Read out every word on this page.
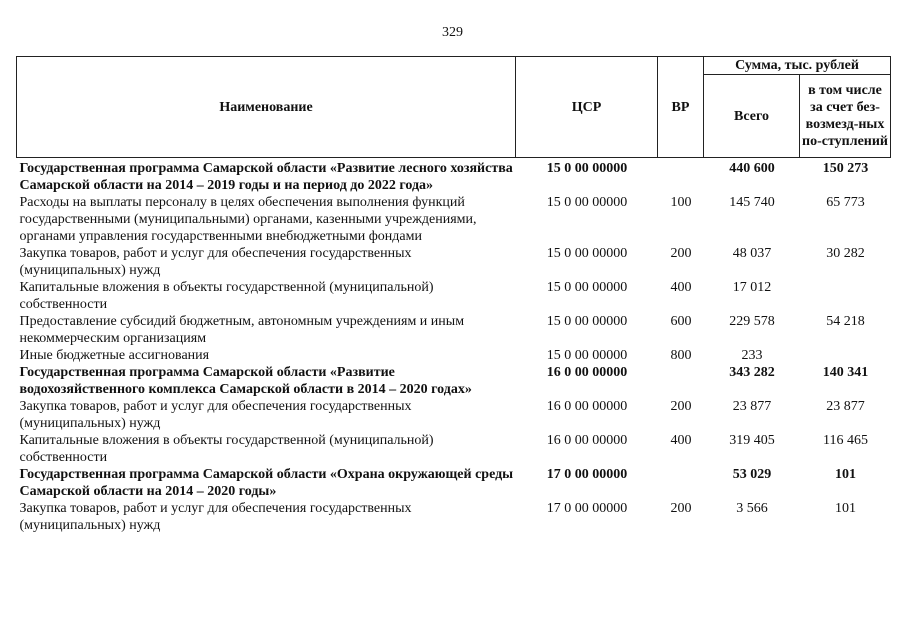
329
Наименование	ЦСР	ВР	Сумма, тыс. рублей	
			Всего	в том числе за счет без-возмезд-ных по-ступлений
Государственная программа Самарской области «Развитие лесного хозяйства Самарской области на 2014 – 2019 годы и на период до 2022 года»	15 0 00 00000		440 600	150 273
Расходы на выплаты персоналу в целях обеспечения выполнения функций государственными (муниципальными) органами, казенными учреждениями, органами управления государственными внебюджетными фондами	15 0 00 00000	100	145 740	65 773
Закупка товаров, работ и услуг для обеспечения государственных (муниципальных) нужд	15 0 00 00000	200	48 037	30 282
Капитальные вложения в объекты государственной (муниципальной) собственности	15 0 00 00000	400	17 012	
Предоставление субсидий бюджетным, автономным учреждениям и иным некоммерческим организациям	15 0 00 00000	600	229 578	54 218
Иные бюджетные ассигнования	15 0 00 00000	800	233	
Государственная программа Самарской области «Развитие водохозяйственного комплекса Самарской области в 2014 – 2020 годах»	16 0 00 00000		343 282	140 341
Закупка товаров, работ и услуг для обеспечения государственных (муниципальных) нужд	16 0 00 00000	200	23 877	23 877
Капитальные вложения в объекты государственной (муниципальной) собственности	16 0 00 00000	400	319 405	116 465
Государственная программа Самарской области «Охрана окружающей среды Самарской области на 2014 – 2020 годы»	17 0 00 00000		53 029	101
Закупка товаров, работ и услуг для обеспечения государственных (муниципальных) нужд	17 0 00 00000	200	3 566	101
